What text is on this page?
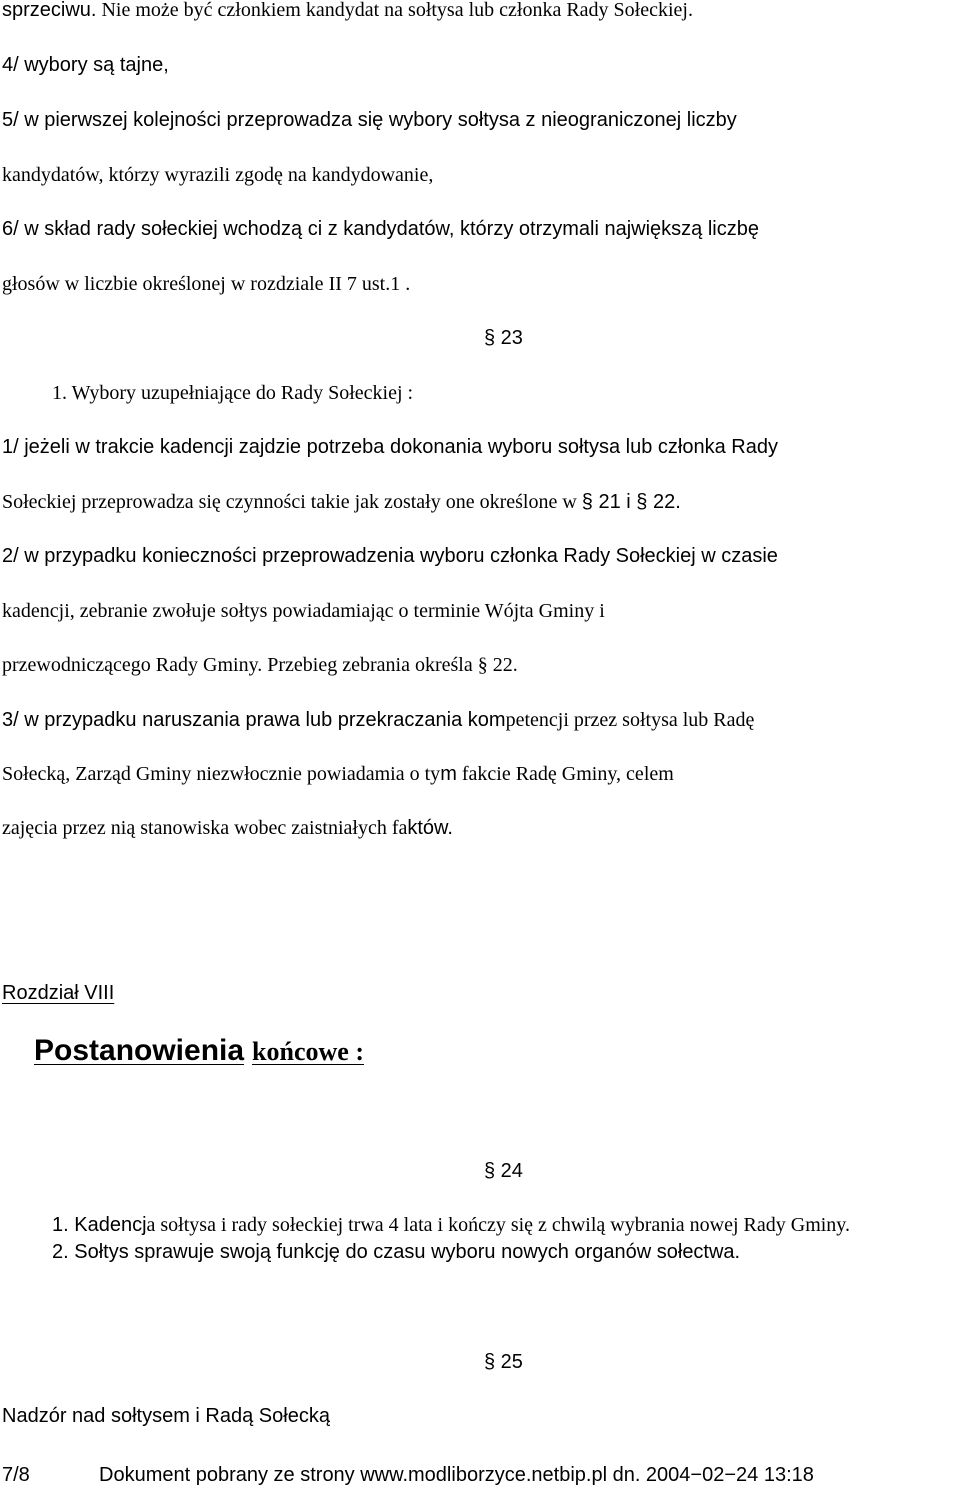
sprzeciwu. Nie może być członkiem kandydat na sołtysa lub członka Rady Sołeckiej.
4/ wybory są tajne,
5/ w pierwszej kolejności przeprowadza się wybory sołtysa z nieograniczonej liczby
kandydatów, którzy wyrazili zgodę na kandydowanie,
6/ w skład rady sołeckiej wchodzą ci z kandydatów, którzy otrzymali największą liczbę
głosów w liczbie określonej w rozdziale II 7 ust.1 .
§ 23
1. Wybory uzupełniające do Rady Sołeckiej :
1/ jeżeli w trakcie kadencji zajdzie potrzeba dokonania wyboru sołtysa lub członka Rady
Sołeckiej przeprowadza się czynności takie jak zostały one określone w § 21 i § 22.
2/ w przypadku konieczności przeprowadzenia wyboru członka Rady Sołeckiej w czasie
kadencji, zebranie zwołuje sołtys powiadamiając o terminie Wójta Gminy i
przewodniczącego Rady Gminy. Przebieg zebrania określa § 22.
3/ w przypadku naruszania prawa lub przekraczania kompetencji przez sołtysa lub Radę
Sołecką, Zarząd Gminy niezwłocznie powiadamia o tym fakcie Radę Gminy, celem
zajęcia przez nią stanowiska wobec zaistniałych faktów.
Rozdział VIII
Postanowienia końcowe :
§ 24
1. Kadencja sołtysa i rady sołeckiej trwa 4 lata i kończy się z chwilą wybrania nowej Rady Gminy.
2. Sołtys sprawuje swoją funkcję do czasu wyboru nowych organów sołectwa.
§ 25
Nadzór nad sołtysem i Radą Sołecką
7/8	Dokument pobrany ze strony www.modliborzyce.netbip.pl dn. 2004−02−24 13:18
